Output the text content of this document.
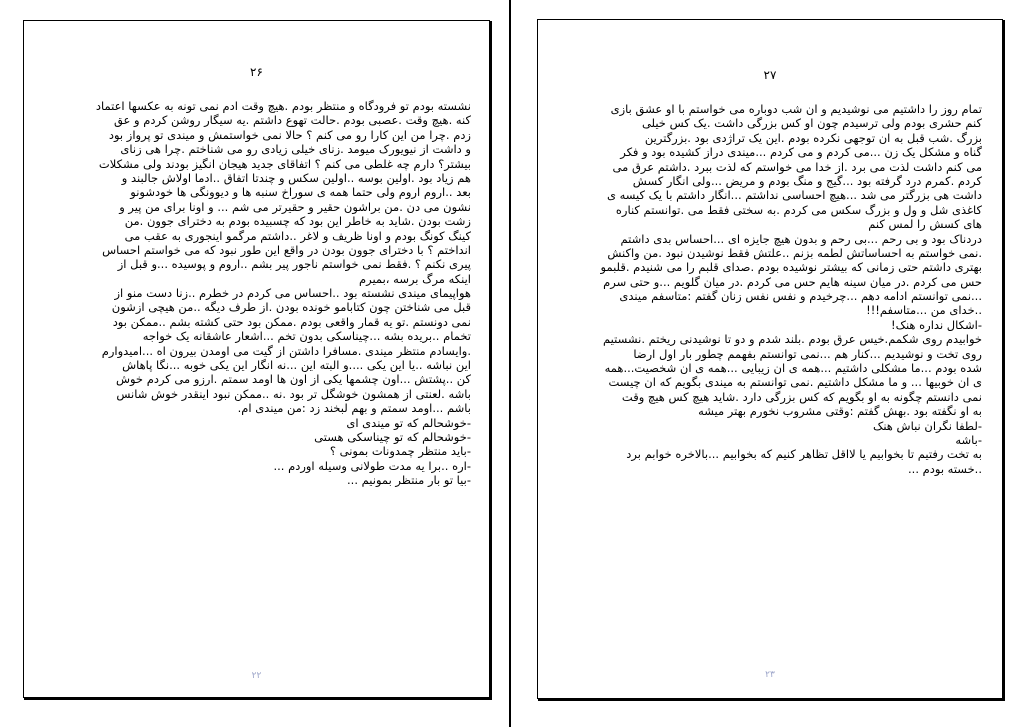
۲۶
نشسته بودم تو فرودگاه و منتظر بودم .هیچ وقت ادم نمی تونه به عکسها اعتماد
کنه .هیچ وقت .عصبی بودم .حالت تهوع داشتم .یه سیگار روشن کردم و عق
زدم .چرا من این کارا رو می کنم ؟ حالا نمی خواستمش و میندی تو پرواز بود
و داشت از نیویورک میومد .زنای خیلی زیادی رو می شناختم .چرا هی زنای
بیشتر؟ دارم چه غلطی می کنم ؟ اتفاقای جدید هیجان انگیز بودند ولی مشکلات
هم زیاد بود .اولین بوسه ..اولین سکس و چندتا اتفاق ..ادما اولاش جالبند و
بعد ..اروم اروم ولی حتما همه ی سوراخ سنبه ها و دیوونگی ها خودشونو
نشون می دن .من براشون حقیر و حقیرتر می شم ... و اونا برای من پیر و
زشت بودن .شاید به خاطر این بود که چسبیده بودم به دخترای جوون .من
کینگ کونگ بودم و اونا ظریف و لاغر ..داشتم مرگمو اینجوری به عقب می
انداختم ؟ با دخترای جوون بودن در واقع این طور نبود که می خواستم احساس
پیری نکنم ؟ .فقط نمی خواستم ناجور پیر بشم ..اروم و پوسیده ...و قبل از
اینکه مرگ برسه ،بمیرم
هواپیمای میندی نشسته بود ..احساس می کردم در خطرم ..زنا دست منو از
قبل می شناختن چون کتابامو خونده بودن .از طرف دیگه ..من هیچی ازشون
نمی دونستم .تو یه قمار واقعی بودم .ممکن بود حتی کشته بشم ..ممکن بود
تخمام ..بریده بشه ...چیناسکی بدون تخم ...اشعار عاشقانه یک خواجه
.وایسادم منتظر میندی .مسافرا داشتن از گیت می اومدن بیرون اه ...امیدوارم
این نباشه ..یا این یکی ....و البته این ...نه انگار این یکی خوبه ...نگا پاهاش
کن ..پشتش ...اون چشمها یکی از اون ها اومد سمتم .ارزو می کردم خوش
باشه .لعنتی از همشون خوشگل تر بود .نه ..ممکن نبود اینقدر خوش شانس
باشم ...اومد سمتم و بهم لبخند زد :من میندی ام.
-خوشحالم که تو میندی ای
-خوشحالم که تو چیناسکی هستی
-باید منتظر چمدونات بمونی ؟
-اره ..برا یه مدت طولانی وسیله اوردم ...
-بیا تو بار منتظر بمونیم ...
۲۲
۲۷
تمام روز را داشتیم می نوشیدیم و ان شب دوباره می خواستم با او عشق بازی
کنم حشری بودم ولی ترسیدم چون او کس بزرگی داشت .یک کس خیلی
بزرگ .شب قبل به ان توجهی نکرده بودم .این یک تراژدی بود .بزرگترین
گناه و مشکل یک زن ...می کردم و می کردم ...میندی دراز کشیده بود و فکر
می کنم داشت لذت می برد .از خدا می خواستم که لذت ببرد .داشتم عرق می
کردم .کمرم درد گرفته بود ...گیج و منگ بودم و مریض ...ولی انگار کسش
داشت هی بزرگتر می شد ...هیچ احساسی نداشتم ...انگار داشتم با یک کیسه ی
کاغذی شل و ول و بزرگ سکس می کردم .به سختی فقط می .توانستم کناره
های کسش را لمس کنم
دردناک بود و بی رحم ...بی رحم و بدون هیچ جایزه ای ...احساس بدی داشتم
.نمی خواستم به احساساتش لطمه بزنم ..علتش فقط نوشیدن نبود .من واکنش
بهتری داشتم حتی زمانی که بیشتر نوشیده بودم .صدای قلبم را می شنیدم .قلبمو
حس می کردم .در میان سینه هایم حس می کردم .در میان گلویم ...و حتی سرم
...نمی توانستم ادامه دهم ...چرخیدم و نفس نفس زنان گفتم :متاسفم میندی
..خدای من ...متاسفم!!!
-اشکال نداره هنک!
خوابیدم روی شکمم.خیس عرق بودم .بلند شدم و دو تا نوشیدنی ریختم .نشستیم
روی تخت و نوشیدیم ...کنار هم ...نمی توانستم بفهمم چطور بار اول ارضا
شده بودم ...ما مشکلی داشتیم ...همه ی ان زیبایی ...همه ی ان شخصیت...همه
ی ان خوبیها ... و ما مشکل داشتیم .نمی توانستم به میندی بگویم که ان چیست
نمی دانستم چگونه به او بگویم که کس بزرگی دارد .شاید هیچ کس هیچ وقت
به او نگفته بود .بهش گفتم :وقتی مشروب نخورم بهتر میشه
-لطفا نگران نباش هنک
-باشه
به تخت رفتیم تا بخوابیم یا لااقل تظاهر کنیم که بخوابیم ...بالاخره خوابم برد
..خسته بودم ...
۲۳
